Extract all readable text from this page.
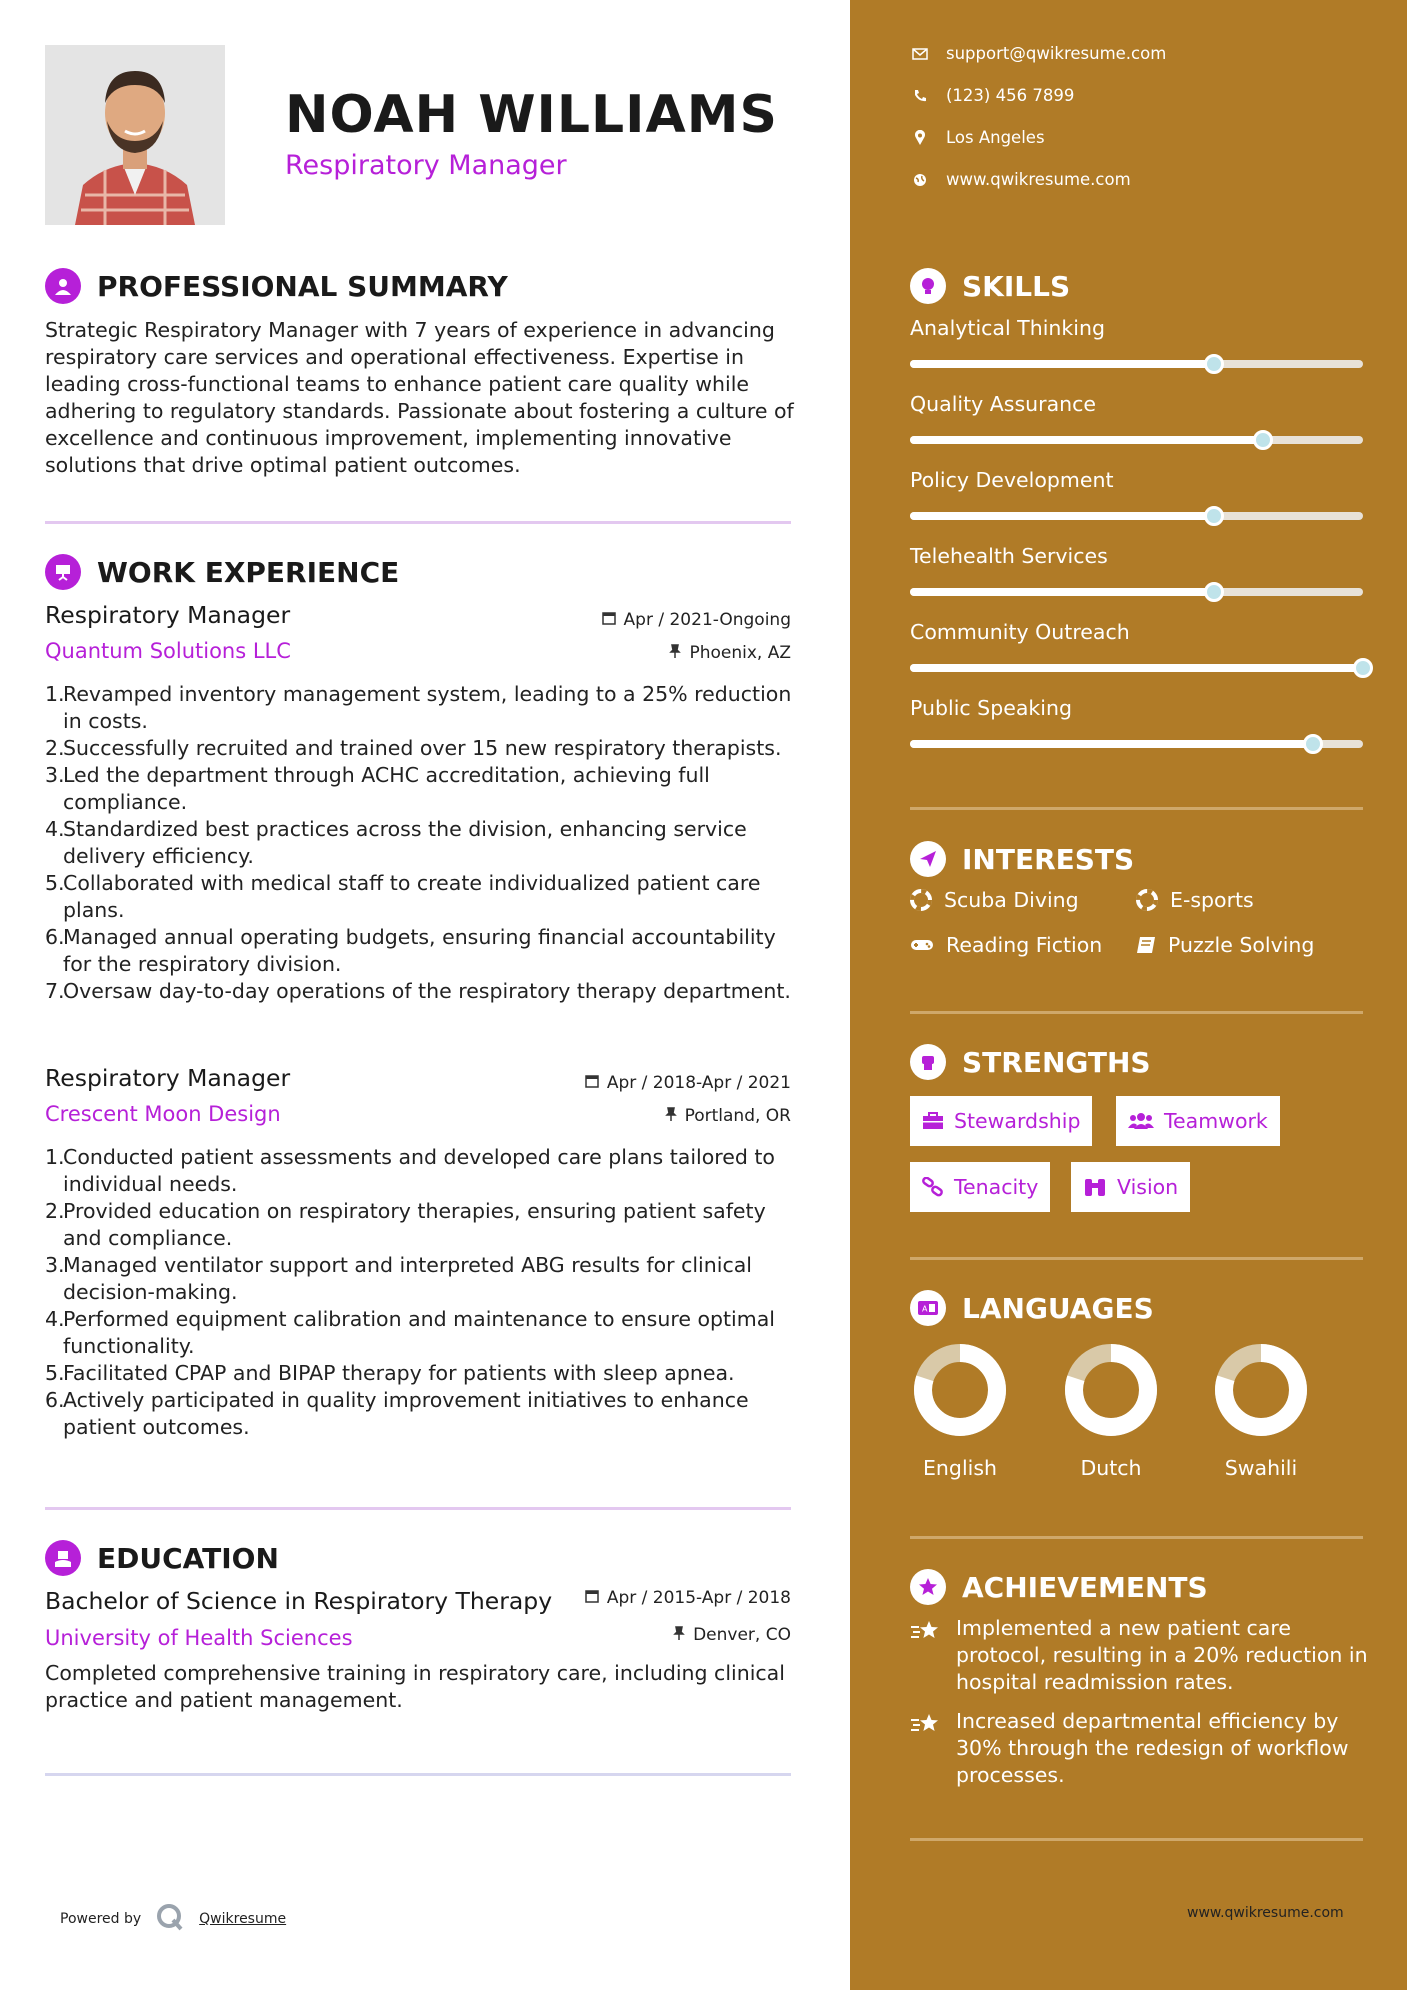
NOAH WILLIAMS
Respiratory Manager
PROFESSIONAL SUMMARY
Strategic Respiratory Manager with 7 years of experience in advancing respiratory care services and operational effectiveness. Expertise in leading cross-functional teams to enhance patient care quality while adhering to regulatory standards. Passionate about fostering a culture of excellence and continuous improvement, implementing innovative solutions that drive optimal patient outcomes.
WORK EXPERIENCE
Respiratory Manager
Quantum Solutions LLC
Apr / 2021-Ongoing
Phoenix, AZ
1.
Revamped inventory management system, leading to a 25% reduction in costs.
2.
Successfully recruited and trained over 15 new respiratory therapists.
3.
Led the department through ACHC accreditation, achieving full compliance.
4.
Standardized best practices across the division, enhancing service delivery efficiency.
5.
Collaborated with medical staff to create individualized patient care plans.
6.
Managed annual operating budgets, ensuring financial accountability for the respiratory division.
7.
Oversaw day-to-day operations of the respiratory therapy department.
Respiratory Manager
Crescent Moon Design
Apr / 2018-Apr / 2021
Portland, OR
1.
Conducted patient assessments and developed care plans tailored to individual needs.
2.
Provided education on respiratory therapies, ensuring patient safety and compliance.
3.
Managed ventilator support and interpreted ABG results for clinical decision-making.
4.
Performed equipment calibration and maintenance to ensure optimal functionality.
5.
Facilitated CPAP and BIPAP therapy for patients with sleep apnea.
6.
Actively participated in quality improvement initiatives to enhance patient outcomes.
EDUCATION
Bachelor of Science in Respiratory Therapy
University of Health Sciences
Apr / 2015-Apr / 2018
Denver, CO
Completed comprehensive training in respiratory care, including clinical practice and patient management.
Powered by	Qwikresume
support@qwikresume.com
(123) 456 7899
Los Angeles
www.qwikresume.com
SKILLS
Analytical Thinking
Quality Assurance
Policy Development
Telehealth Services
Community Outreach
Public Speaking
INTERESTS
Scuba Diving	E-sports
Reading Fiction	Puzzle Solving
STRENGTHS
Stewardship	Teamwork
Tenacity	Vision
A LANGUAGES
English	Dutch	Swahili
ACHIEVEMENTS
Implemented a new patient care protocol, resulting in a 20% reduction in hospital readmission rates.
Increased departmental efficiency by 30% through the redesign of workflow processes.
www.qwikresume.com
